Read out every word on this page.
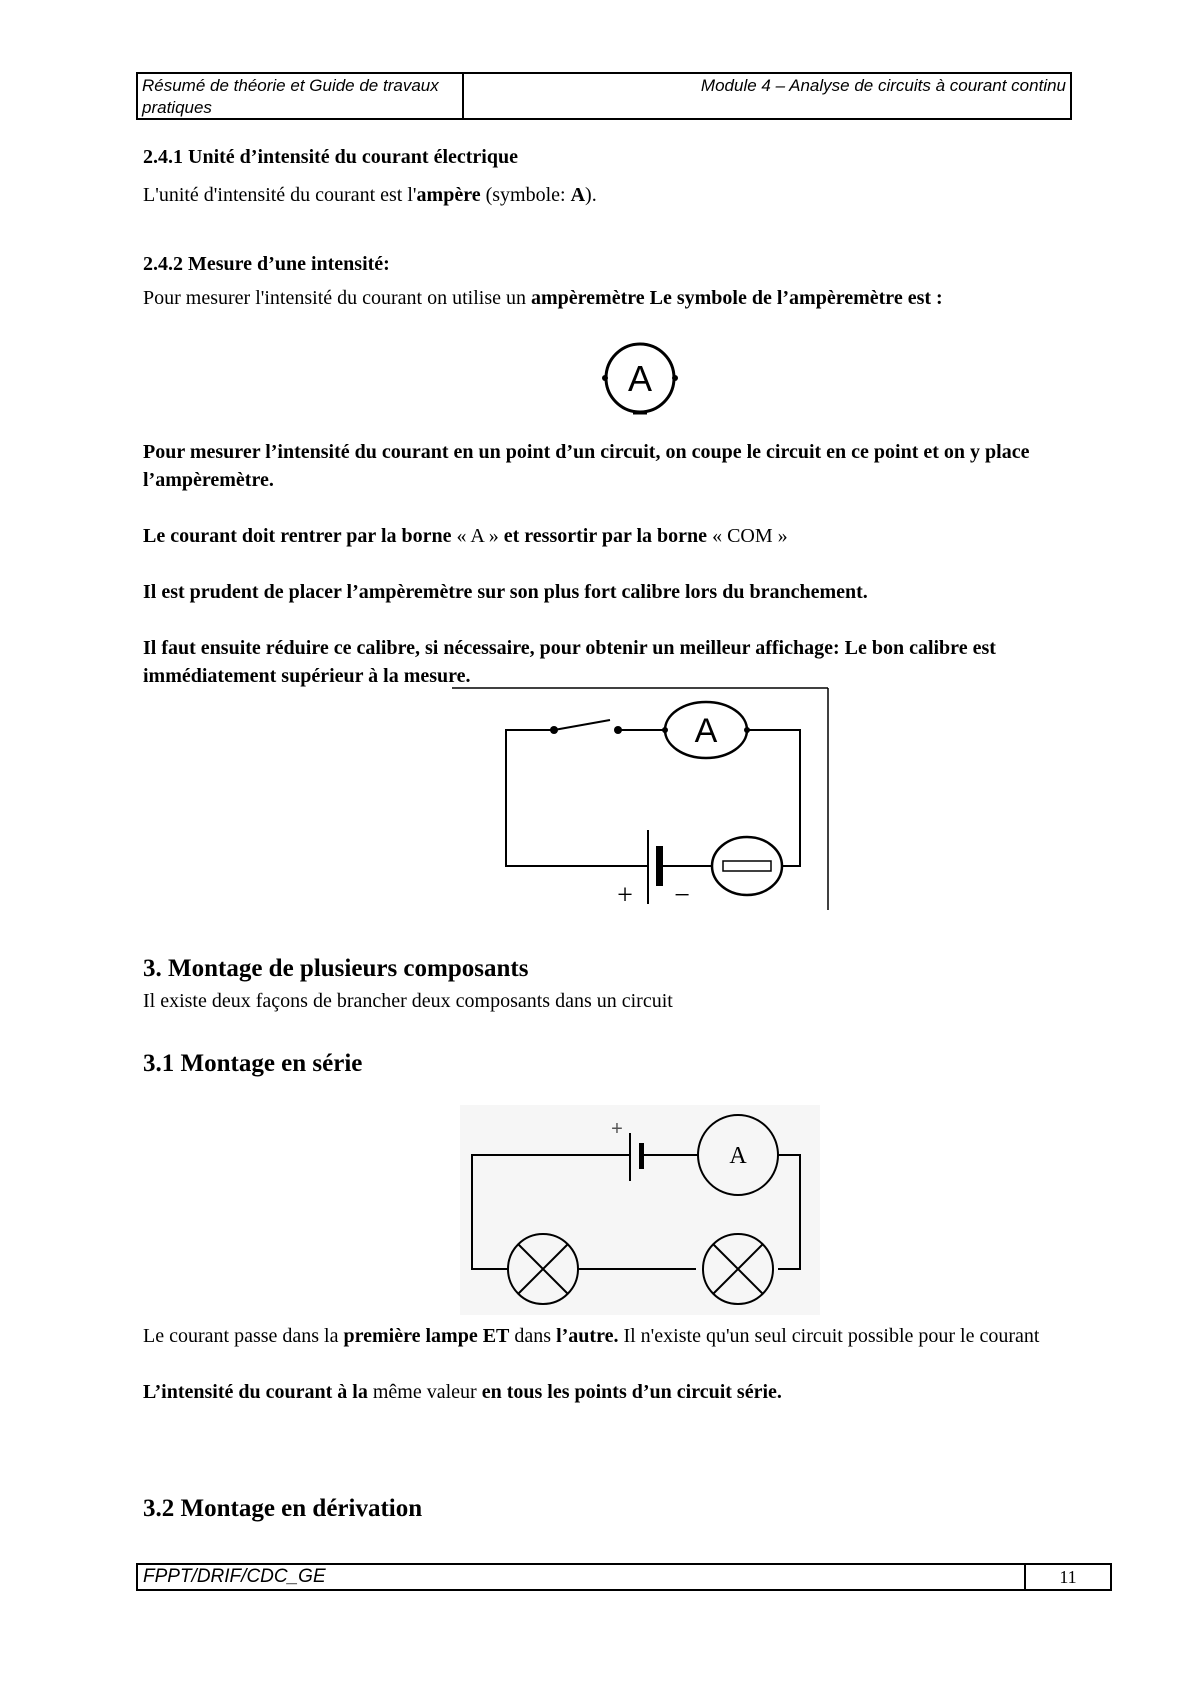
Résumé de théorie et Guide de travaux pratiques
Module 4 – Analyse de circuits à courant continu
2.4.1 Unité d’intensité du courant électrique

L'unité d'intensité du courant est l'ampère (symbole: A).

2.4.2 Mesure d’une intensité:

Pour mesurer l'intensité du courant on utilise un ampèremètre Le symbole de l’ampèremètre est :

A

Pour mesurer l’intensité du courant en un point d’un circuit, on coupe le circuit en ce point et on y place l’ampèremètre.

Le courant doit rentrer par la borne « A » et ressortir par la borne « COM »

Il est prudent de placer l’ampèremètre sur son plus fort calibre lors du branchement.

Il faut ensuite réduire ce calibre, si nécessaire, pour obtenir un meilleur affichage: Le bon calibre est immédiatement supérieur à la mesure.

A
+ −
3. Montage de plusieurs composants

Il existe deux façons de brancher deux composants dans un circuit

3.1 Montage en série
+
A

Le courant passe dans la première lampe ET dans l’autre. Il n'existe qu'un seul circuit possible pour le courant

L’intensité du courant à la même valeur en tous les points d’un circuit série.

3.2 Montage en dérivation
FPPT/DRIF/CDC_GE	11
